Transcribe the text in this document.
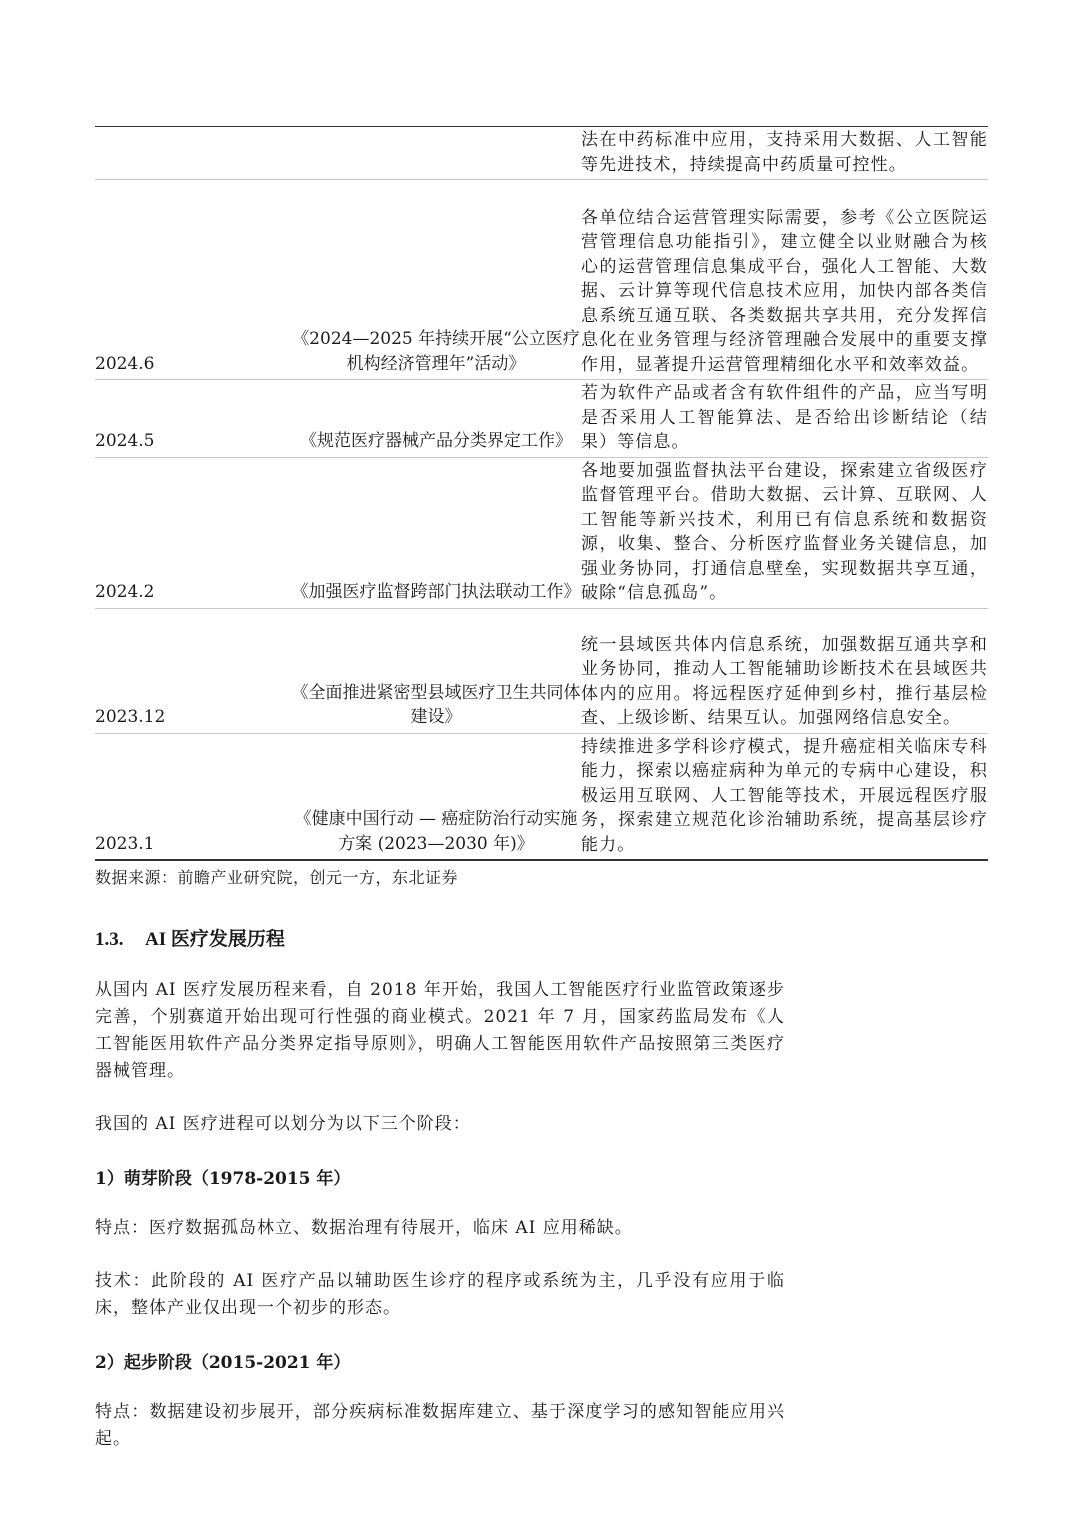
		法在中药标准中应用，支持采用大数据、人工智能等先进技术，持续提高中药质量可控性。

2024.6	《2024—2025 年持续开展“公立医疗机构经济管理年”活动》	各单位结合运营管理实际需要，参考《公立医院运营管理信息功能指引》，建立健全以业财融合为核心的运营管理信息集成平台，强化人工智能、大数据、云计算等现代信息技术应用，加快内部各类信息系统互通互联、各类数据共享共用，充分发挥信息化在业务管理与经济管理融合发展中的重要支撑作用，显著提升运营管理精细化水平和效率效益。

2024.5	《规范医疗器械产品分类界定工作》	若为软件产品或者含有软件组件的产品，应当写明是否采用人工智能算法、是否给出诊断结论（结果）等信息。

2024.2	《加强医疗监督跨部门执法联动工作》	各地要加强监督执法平台建设，探索建立省级医疗监督管理平台。借助大数据、云计算、互联网、人工智能等新兴技术，利用已有信息系统和数据资源，收集、整合、分析医疗监督业务关键信息，加强业务协同，打通信息壁垒，实现数据共享互通，破除“信息孤岛”。

2023.12	《全面推进紧密型县域医疗卫生共同体建设》	统一县域医共体内信息系统，加强数据互通共享和业务协同，推动人工智能辅助诊断技术在县域医共体内的应用。将远程医疗延伸到乡村，推行基层检查、上级诊断、结果互认。加强网络信息安全。

2023.1	《健康中国行动 — 癌症防治行动实施方案 (2023—2030 年)》	持续推进多学科诊疗模式，提升癌症相关临床专科能力，探索以癌症病种为单元的专病中心建设，积极运用互联网、人工智能等技术，开展远程医疗服务，探索建立规范化诊治辅助系统，提高基层诊疗能力。
数据来源：前瞻产业研究院，创元一方，东北证券
1.3. AI 医疗发展历程

从国内 AI 医疗发展历程来看，自 2018 年开始，我国人工智能医疗行业监管政策逐步完善，个别赛道开始出现可行性强的商业模式。2021 年 7 月，国家药监局发布《人工智能医用软件产品分类界定指导原则》，明确人工智能医用软件产品按照第三类医疗器械管理。

我国的 AI 医疗进程可以划分为以下三个阶段：

1）萌芽阶段（1978-2015 年）

特点：医疗数据孤岛林立、数据治理有待展开，临床 AI 应用稀缺。

技术：此阶段的 AI 医疗产品以辅助医生诊疗的程序或系统为主，几乎没有应用于临床，整体产业仅出现一个初步的形态。

2）起步阶段（2015-2021 年）

特点：数据建设初步展开，部分疾病标准数据库建立、基于深度学习的感知智能应用兴起。
